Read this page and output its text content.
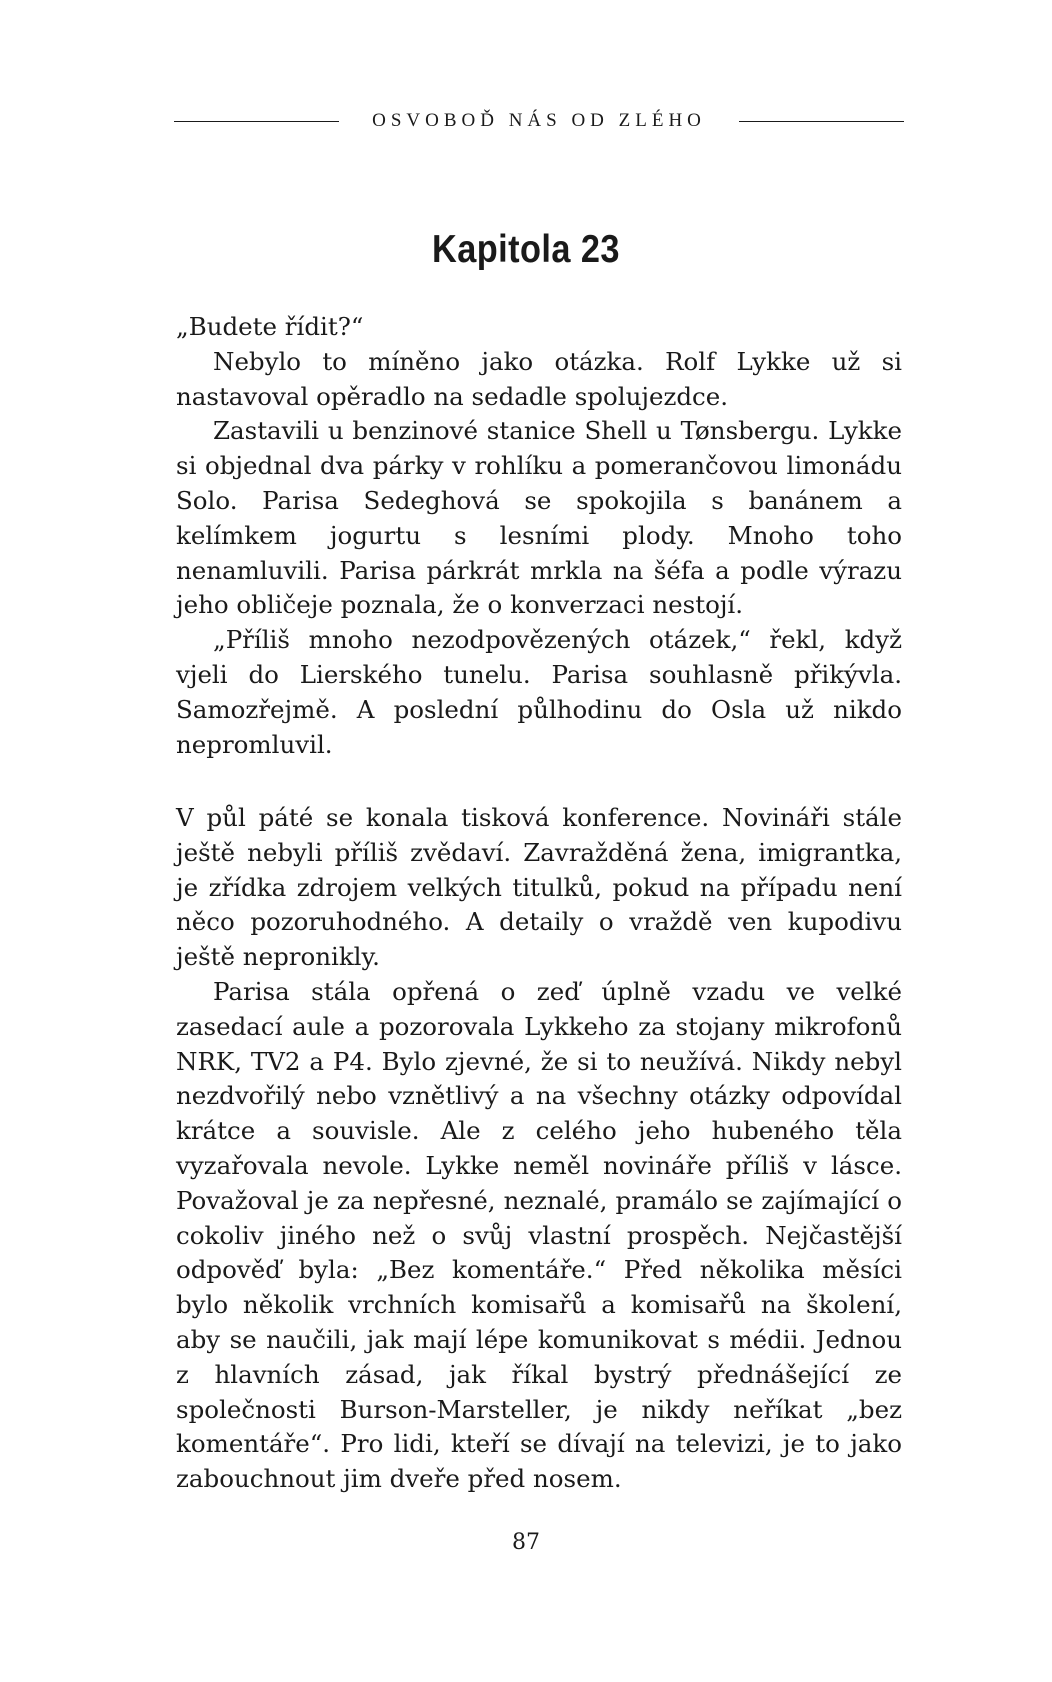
OSVOBOĎ NÁS OD ZLÉHO
Kapitola 23

„Budete řídit?“

Nebylo to míněno jako otázka. Rolf Lykke už si nastavoval opěradlo na sedadle spolujezdce.

Zastavili u benzinové stanice Shell u Tønsbergu. Lykke si objednal dva párky v rohlíku a pomerančovou limonádu Solo. Parisa Sedeghová se spokojila s banánem a kelímkem jogurtu s lesními plody. Mnoho toho nenamluvili. Parisa párkrát mrkla na šéfa a podle výrazu jeho obličeje poznala, že o konverzaci nestojí.

„Příliš mnoho nezodpovězených otázek,“ řekl, když vjeli do Lierského tunelu. Parisa souhlasně přikývla. Samozřejmě. A poslední půlhodinu do Osla už nikdo nepromluvil.

V půl páté se konala tisková konference. Novináři stále ještě nebyli příliš zvědaví. Zavražděná žena, imigrantka, je zřídka zdrojem velkých titulků, pokud na případu není něco pozoruhodného. A detaily o vraždě ven kupodivu ještě nepronikly.

Parisa stála opřená o zeď úplně vzadu ve velké zasedací aule a pozorovala Lykkeho za stojany mikrofonů NRK, TV2 a P4. Bylo zjevné, že si to neužívá. Nikdy nebyl nezdvořilý nebo vznětlivý a na všechny otázky odpovídal krátce a souvisle. Ale z celého jeho hubeného těla vyzařovala nevole. Lykke neměl novináře příliš v lásce. Považoval je za nepřesné, neznalé, pramálo se zajímající o cokoliv jiného než o svůj vlastní prospěch. Nejčastější odpověď byla: „Bez komentáře.“ Před několika měsíci bylo několik vrchních komisařů a komisařů na školení, aby se naučili, jak mají lépe komunikovat s médii. Jednou z hlavních zásad, jak říkal bystrý přednášející ze společnosti Burson-Marsteller, je nikdy neříkat „bez komentáře“. Pro lidi, kteří se dívají na televizi, je to jako zabouchnout jim dveře před nosem.

87
